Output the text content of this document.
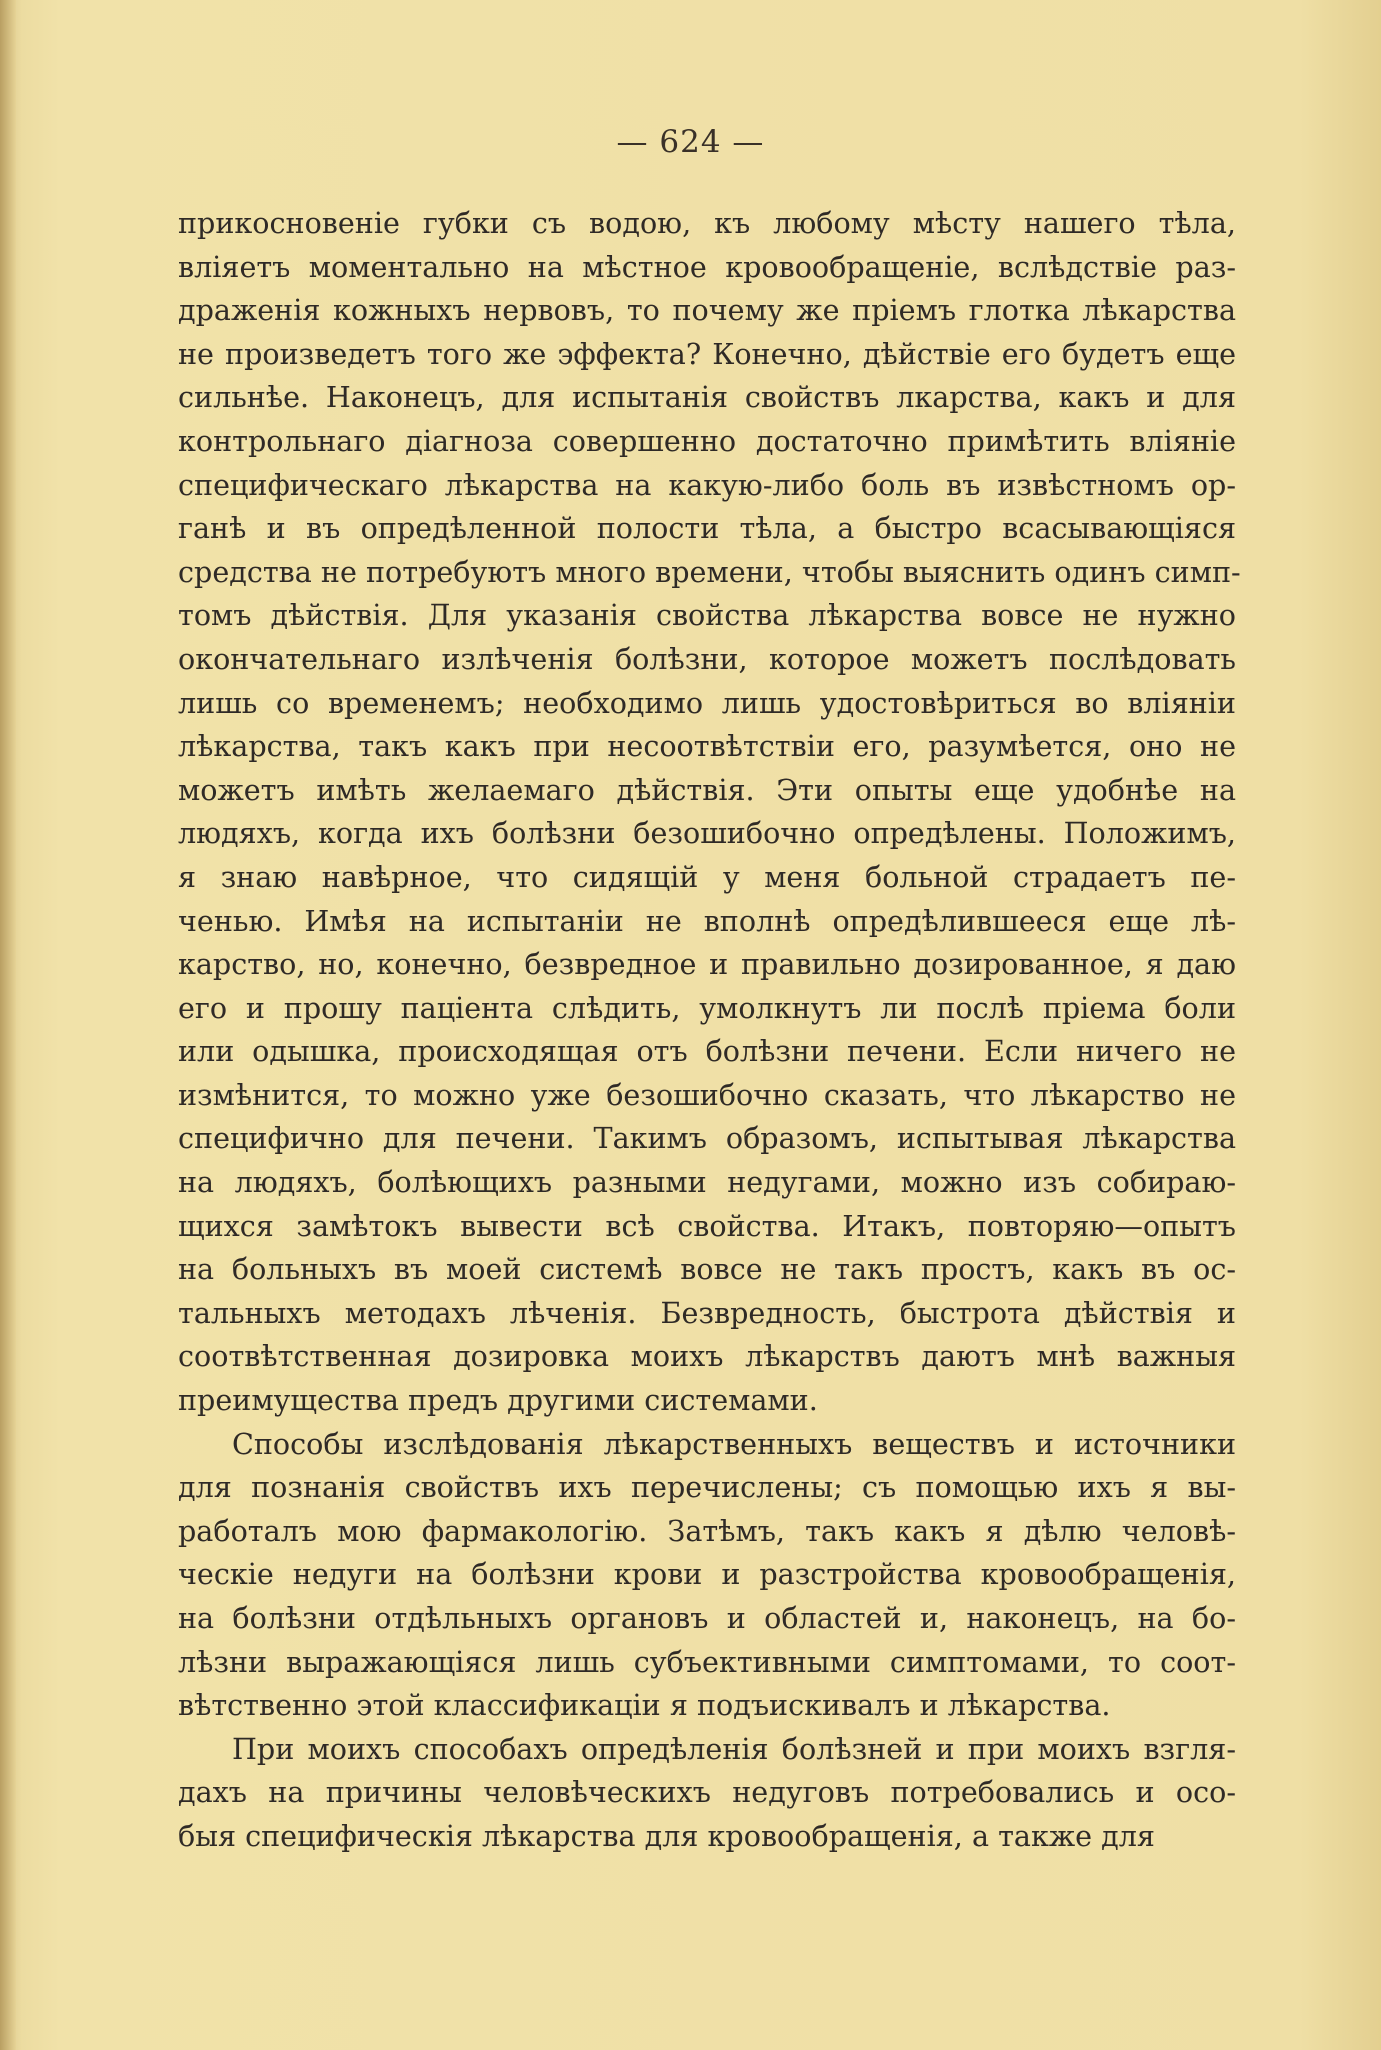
— 624 —
прикосновеніе губки съ водою, къ любому мѣсту нашего тѣла,
вліяетъ моментально на мѣстное кровообращеніе, вслѣдствіе раз-
драженія кожныхъ нервовъ, то почему же пріемъ глотка лѣкарства
не произведетъ того же эффекта? Конечно, дѣйствіе его будетъ еще
сильнѣе. Наконецъ, для испытанія свойствъ лкарства, какъ и для
контрольнаго діагноза совершенно достаточно примѣтить вліяніе
специфическаго лѣкарства на какую-либо боль въ извѣстномъ ор-
ганѣ и въ опредѣленной полости тѣла, а быстро всасывающіяся
средства не потребуютъ много времени, чтобы выяснить одинъ симп-
томъ дѣйствія. Для указанія свойства лѣкарства вовсе не нужно
окончательнаго излѣченія болѣзни, которое можетъ послѣдовать
лишь со временемъ; необходимо лишь удостовѣриться во вліяніи
лѣкарства, такъ какъ при несоотвѣтствіи его, разумѣется, оно не
можетъ имѣть желаемаго дѣйствія. Эти опыты еще удобнѣе на
людяхъ, когда ихъ болѣзни безошибочно опредѣлены. Положимъ,
я знаю навѣрное, что сидящій у меня больной страдаетъ пе-
ченью. Имѣя на испытаніи не вполнѣ опредѣлившееся еще лѣ-
карство, но, конечно, безвредное и правильно дозированное, я даю
его и прошу паціента слѣдить, умолкнутъ ли послѣ пріема боли
или одышка, происходящая отъ болѣзни печени. Если ничего не
измѣнится, то можно уже безошибочно сказать, что лѣкарство не
специфично для печени. Такимъ образомъ, испытывая лѣкарства
на людяхъ, болѣющихъ разными недугами, можно изъ собираю-
щихся замѣтокъ вывести всѣ свойства. Итакъ, повторяю—опытъ
на больныхъ въ моей системѣ вовсе не такъ простъ, какъ въ ос-
тальныхъ методахъ лѣченія. Безвредность, быстрота дѣйствія и
соотвѣтственная дозировка моихъ лѣкарствъ даютъ мнѣ важныя
преимущества предъ другими системами.
Способы изслѣдованія лѣкарственныхъ веществъ и источники
для познанія свойствъ ихъ перечислены; съ помощью ихъ я вы-
работалъ мою фармакологію. Затѣмъ, такъ какъ я дѣлю человѣ-
ческіе недуги на болѣзни крови и разстройства кровообращенія,
на болѣзни отдѣльныхъ органовъ и областей и, наконецъ, на бо-
лѣзни выражающіяся лишь субъективными симптомами, то соот-
вѣтственно этой классификаціи я подъискивалъ и лѣкарства.
При моихъ способахъ опредѣленія болѣзней и при моихъ взгля-
дахъ на причины человѣческихъ недуговъ потребовались и осо-
быя специфическія лѣкарства для кровообращенія, а также для
